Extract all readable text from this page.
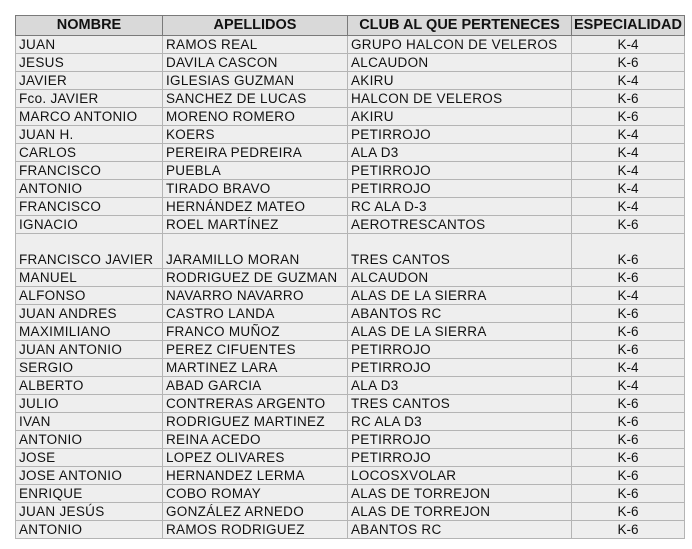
NOMBRE	APELLIDOS	CLUB AL QUE PERTENECES	ESPECIALIDAD
JUAN	RAMOS REAL	GRUPO HALCON DE VELEROS	K-4
JESUS	DAVILA CASCON	ALCAUDON	K-6
JAVIER	IGLESIAS GUZMAN	AKIRU	K-4
Fco. JAVIER	SANCHEZ DE LUCAS	HALCON DE VELEROS	K-6
MARCO ANTONIO	MORENO ROMERO	AKIRU	K-6
JUAN H.	KOERS	PETIRROJO	K-4
CARLOS	PEREIRA PEDREIRA	ALA D3	K-4
FRANCISCO	PUEBLA	PETIRROJO	K-4
ANTONIO	TIRADO BRAVO	PETIRROJO	K-4
FRANCISCO	HERNÁNDEZ MATEO	RC ALA D-3	K-4
IGNACIO	ROEL MARTÍNEZ	AEROTRESCANTOS	K-6
FRANCISCO JAVIER	JARAMILLO MORAN	TRES CANTOS	K-6
MANUEL	RODRIGUEZ DE GUZMAN	ALCAUDON	K-6
ALFONSO	NAVARRO NAVARRO	ALAS DE LA SIERRA	K-4
JUAN ANDRES	CASTRO LANDA	ABANTOS RC	K-6
MAXIMILIANO	FRANCO MUÑOZ	ALAS DE LA SIERRA	K-6
JUAN ANTONIO	PEREZ CIFUENTES	PETIRROJO	K-6
SERGIO	MARTINEZ LARA	PETIRROJO	K-4
ALBERTO	ABAD GARCIA	ALA D3	K-4
JULIO	CONTRERAS ARGENTO	TRES CANTOS	K-6
IVAN	RODRIGUEZ MARTINEZ	RC ALA D3	K-6
ANTONIO	REINA ACEDO	PETIRROJO	K-6
JOSE	LOPEZ OLIVARES	PETIRROJO	K-6
JOSE ANTONIO	HERNANDEZ LERMA	LOCOSXVOLAR	K-6
ENRIQUE	COBO ROMAY	ALAS DE TORREJON	K-6
JUAN JESÚS	GONZÁLEZ ARNEDO	ALAS DE TORREJON	K-6
ANTONIO	RAMOS RODRIGUEZ	ABANTOS RC	K-6
